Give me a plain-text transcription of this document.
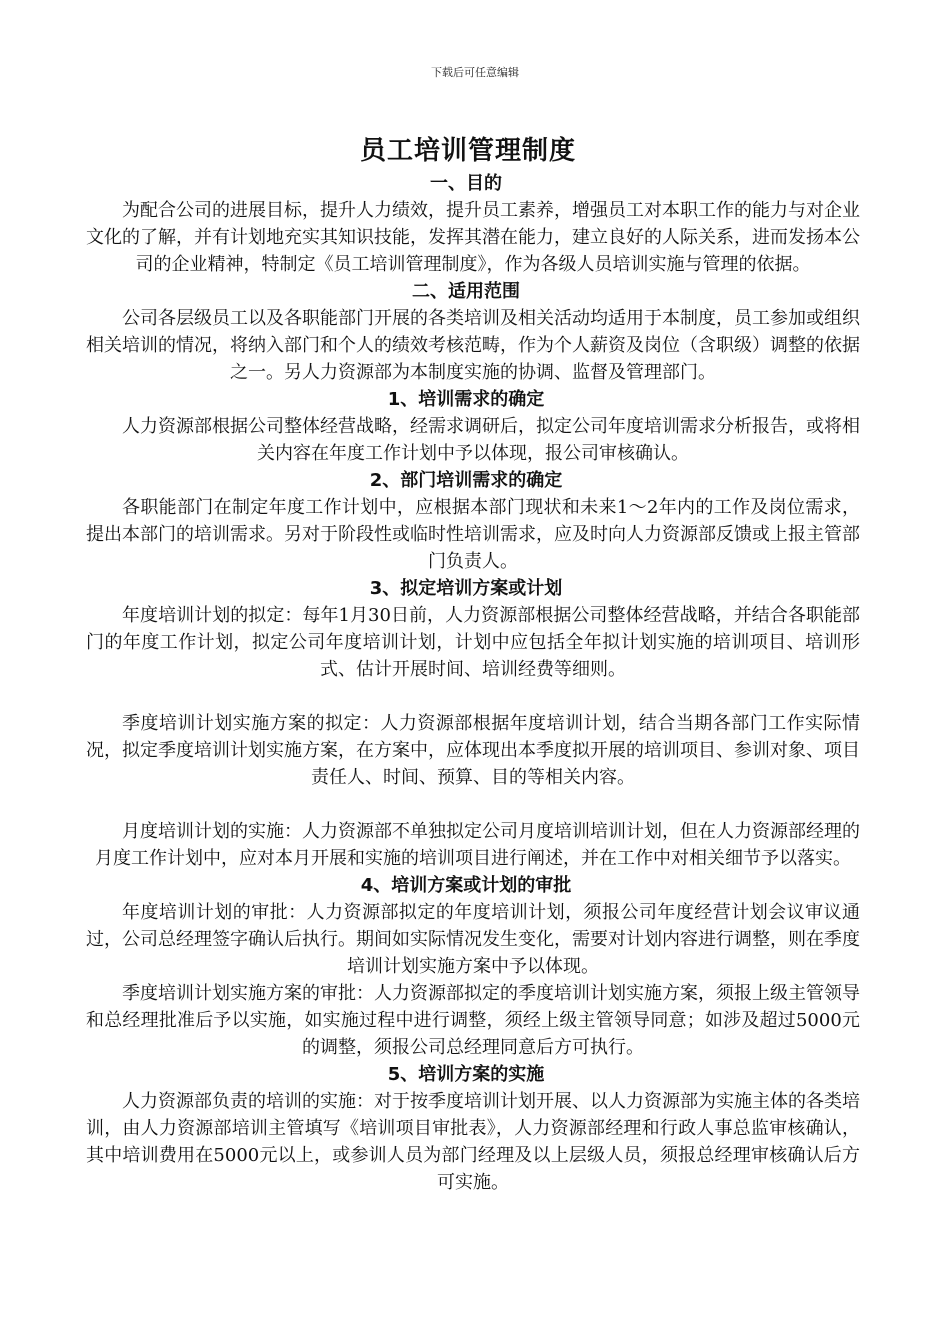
下载后可任意编辑
员工培训管理制度
一、目的
为配合公司的进展目标，提升人力绩效，提升员工素养，增强员工对本职工作的能力与对企业文化的了解，并有计划地充实其知识技能，发挥其潜在能力，建立良好的人际关系，进而发扬本公司的企业精神，特制定《员工培训管理制度》，作为各级人员培训实施与管理的依据。
二、适用范围
公司各层级员工以及各职能部门开展的各类培训及相关活动均适用于本制度，员工参加或组织相关培训的情况，将纳入部门和个人的绩效考核范畴，作为个人薪资及岗位（含职级）调整的依据之一。另人力资源部为本制度实施的协调、监督及管理部门。
1、培训需求的确定
人力资源部根据公司整体经营战略，经需求调研后，拟定公司年度培训需求分析报告，或将相关内容在年度工作计划中予以体现，报公司审核确认。
2、部门培训需求的确定
各职能部门在制定年度工作计划中，应根据本部门现状和未来1～2年内的工作及岗位需求，提出本部门的培训需求。另对于阶段性或临时性培训需求，应及时向人力资源部反馈或上报主管部门负责人。
3、拟定培训方案或计划
年度培训计划的拟定：每年1月30日前，人力资源部根据公司整体经营战略，并结合各职能部门的年度工作计划，拟定公司年度培训计划，计划中应包括全年拟计划实施的培训项目、培训形式、估计开展时间、培训经费等细则。
季度培训计划实施方案的拟定：人力资源部根据年度培训计划，结合当期各部门工作实际情况，拟定季度培训计划实施方案，在方案中，应体现出本季度拟开展的培训项目、参训对象、项目责任人、时间、预算、目的等相关内容。
月度培训计划的实施：人力资源部不单独拟定公司月度培训培训计划，但在人力资源部经理的月度工作计划中，应对本月开展和实施的培训项目进行阐述，并在工作中对相关细节予以落实。
4、培训方案或计划的审批
年度培训计划的审批：人力资源部拟定的年度培训计划，须报公司年度经营计划会议审议通过，公司总经理签字确认后执行。期间如实际情况发生变化，需要对计划内容进行调整，则在季度培训计划实施方案中予以体现。
季度培训计划实施方案的审批：人力资源部拟定的季度培训计划实施方案，须报上级主管领导和总经理批准后予以实施，如实施过程中进行调整，须经上级主管领导同意；如涉及超过5000元的调整，须报公司总经理同意后方可执行。
5、培训方案的实施
人力资源部负责的培训的实施：对于按季度培训计划开展、以人力资源部为实施主体的各类培训，由人力资源部培训主管填写《培训项目审批表》，人力资源部经理和行政人事总监审核确认，其中培训费用在5000元以上，或参训人员为部门经理及以上层级人员，须报总经理审核确认后方可实施。
